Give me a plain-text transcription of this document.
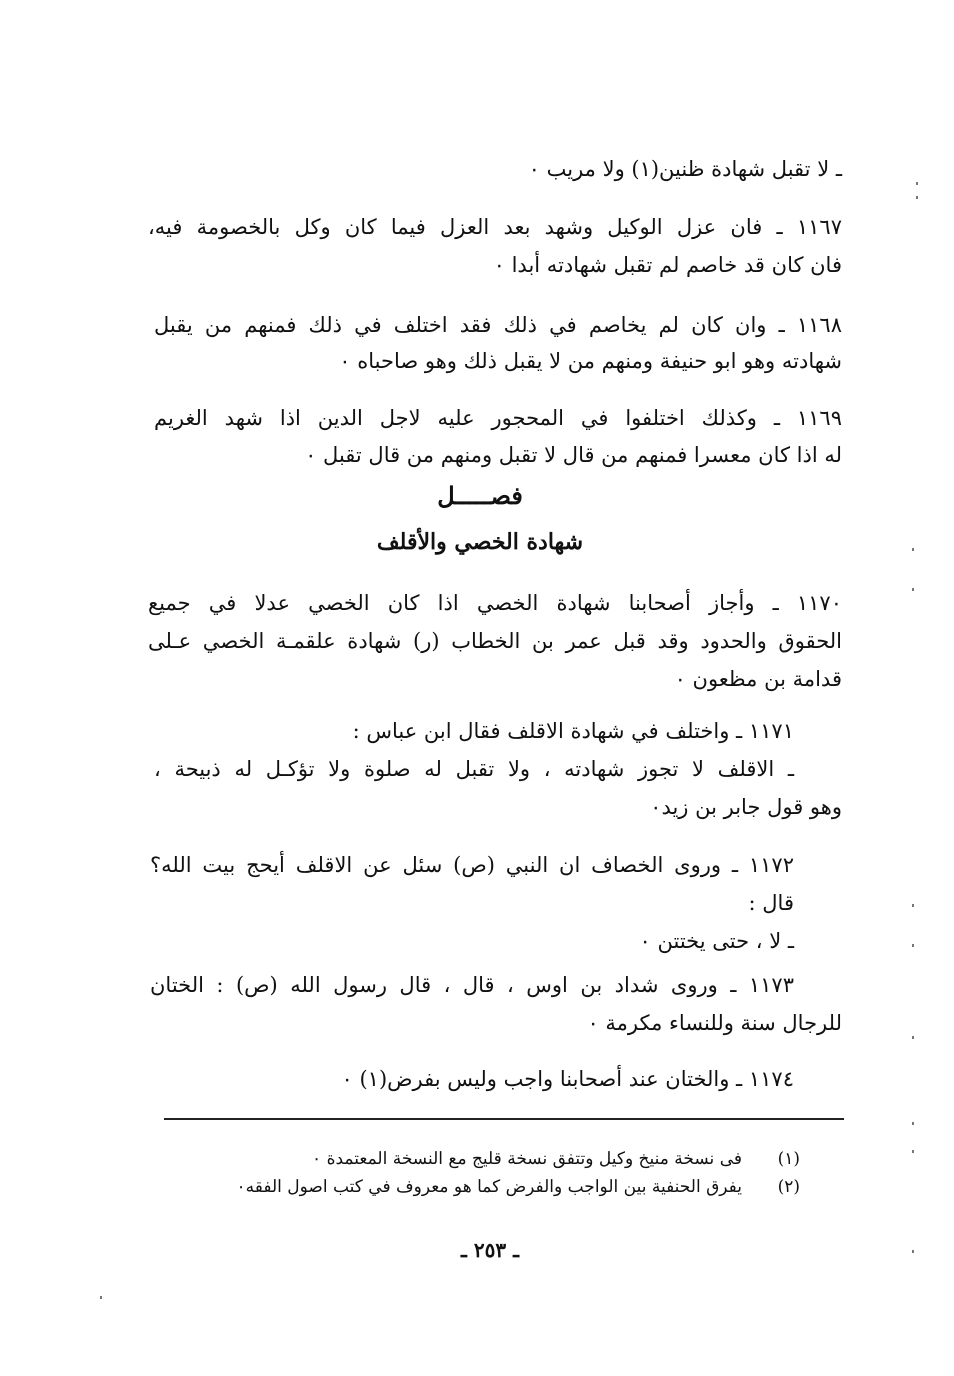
ـ لا تقبل شهادة ظنين(١) ولا مريب ٠
١١٦٧ ـ فان عزل الوكيل وشهد بعد العزل فيما كان وكل بالخصومة فيه،
فان كان قد خاصم لم تقبل شهادته أبدا ٠
١١٦٨ ـ وان كان لم يخاصم في ذلك فقد اختلف في ذلك فمنهم من يقبل
شهادته وهو ابو حنيفة ومنهم من لا يقبل ذلك وهو صاحباه ٠
١١٦٩ ـ وكذلك اختلفوا في المحجور عليه لاجل الدين اذا شهد الغريم
له اذا كان معسرا فمنهم من قال لا تقبل ومنهم من قال تقبل ٠
فصـــــل
شهادة الخصي والأقلف
١١٧٠ ـ وأجاز أصحابنا شهادة الخصي اذا كان الخصي عدلا في جميع
الحقوق والحدود وقد قبل عمر بن الخطاب (ر) شهادة علقمـة الخصي عـلى
قدامة بن مظعون ٠
١١٧١ ـ واختلف في شهادة الاقلف فقال ابن عباس :
ـ الاقلف لا تجوز شهادته ، ولا تقبل له صلوة ولا تؤكـل له ذبيحة ،
وهو قول جابر بن زيد٠
١١٧٢ ـ وروى الخصاف ان النبي (ص) سئل عن الاقلف أيحج بيت الله؟
قال :
ـ لا ، حتى يختتن ٠
١١٧٣ ـ وروى شداد بن اوس ، قال ، قال رسول الله (ص) : الختان
للرجال سنة وللنساء مكرمة ٠
١١٧٤ ـ والختان عند أصحابنا واجب وليس بفرض(١) ٠
(١)
فى نسخة منيخ وكيل وتتفق نسخة قليج مع النسخة المعتمدة ٠
(٢)
يفرق الحنفية بين الواجب والفرض كما هو معروف في كتب اصول الفقه٠
ـ ٢٥٣ ـ
